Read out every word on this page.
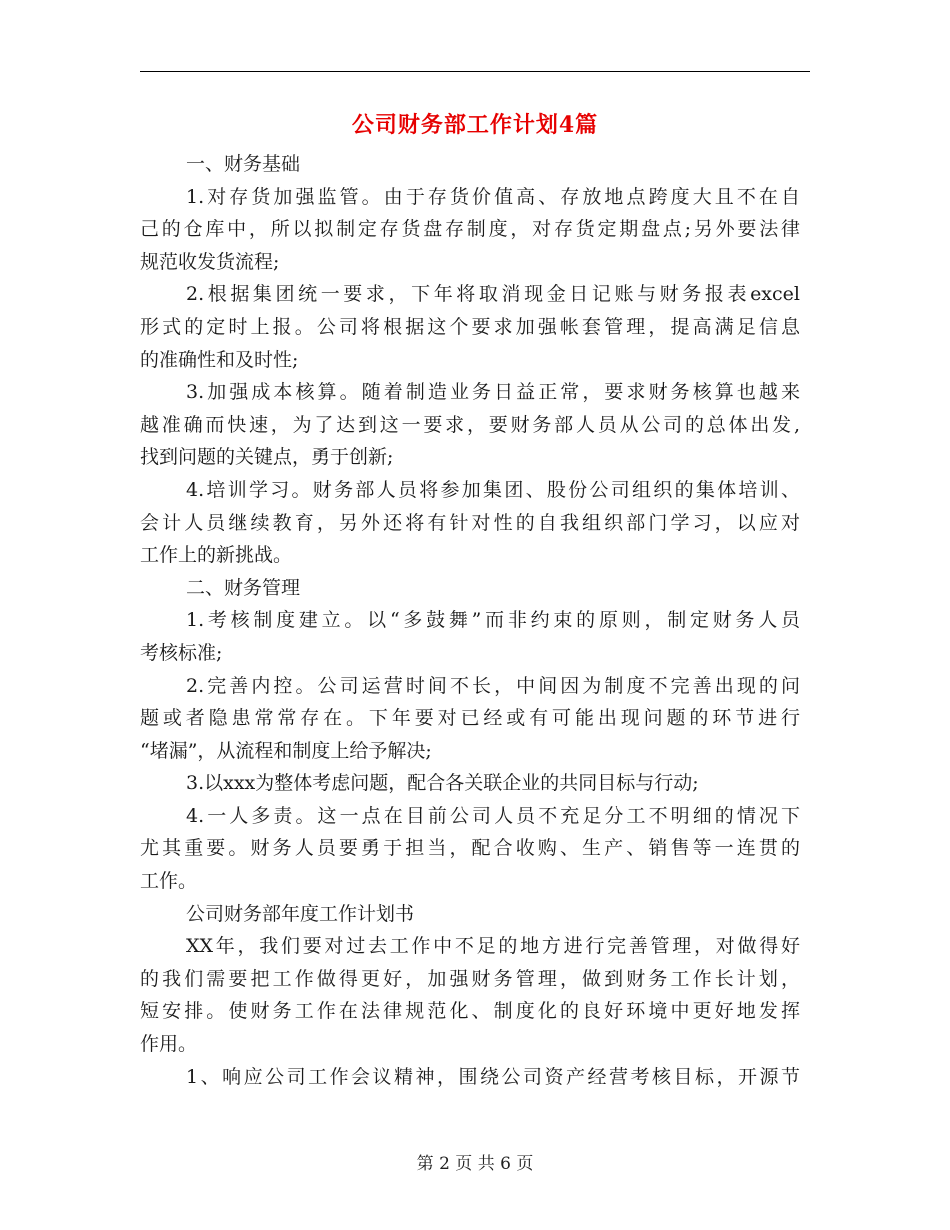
公司财务部工作计划4篇
一、财务基础
1.对存货加强监管。由于存货价值高、存放地点跨度大且不在自
己的仓库中，所以拟制定存货盘存制度，对存货定期盘点;另外要法律
规范收发货流程;
2.根据集团统一要求，下年将取消现金日记账与财务报表excel
形式的定时上报。公司将根据这个要求加强帐套管理，提高满足信息
的准确性和及时性;
3.加强成本核算。随着制造业务日益正常，要求财务核算也越来
越准确而快速，为了达到这一要求，要财务部人员从公司的总体出发,
找到问题的关键点，勇于创新;
4.培训学习。财务部人员将参加集团、股份公司组织的集体培训、
会计人员继续教育，另外还将有针对性的自我组织部门学习，以应对
工作上的新挑战。
二、财务管理
1.考核制度建立。以“多鼓舞”而非约束的原则，制定财务人员
考核标准;
2.完善内控。公司运营时间不长，中间因为制度不完善出现的问
题或者隐患常常存在。下年要对已经或有可能出现问题的环节进行
“堵漏”，从流程和制度上给予解决;
3.以xxx为整体考虑问题，配合各关联企业的共同目标与行动;
4.一人多责。这一点在目前公司人员不充足分工不明细的情况下
尤其重要。财务人员要勇于担当，配合收购、生产、销售等一连贯的
工作。
公司财务部年度工作计划书
XX年，我们要对过去工作中不足的地方进行完善管理，对做得好
的我们需要把工作做得更好，加强财务管理，做到财务工作长计划，
短安排。使财务工作在法律规范化、制度化的良好环境中更好地发挥
作用。
1、响应公司工作会议精神，围绕公司资产经营考核目标，开源节
第 2 页 共 6 页
